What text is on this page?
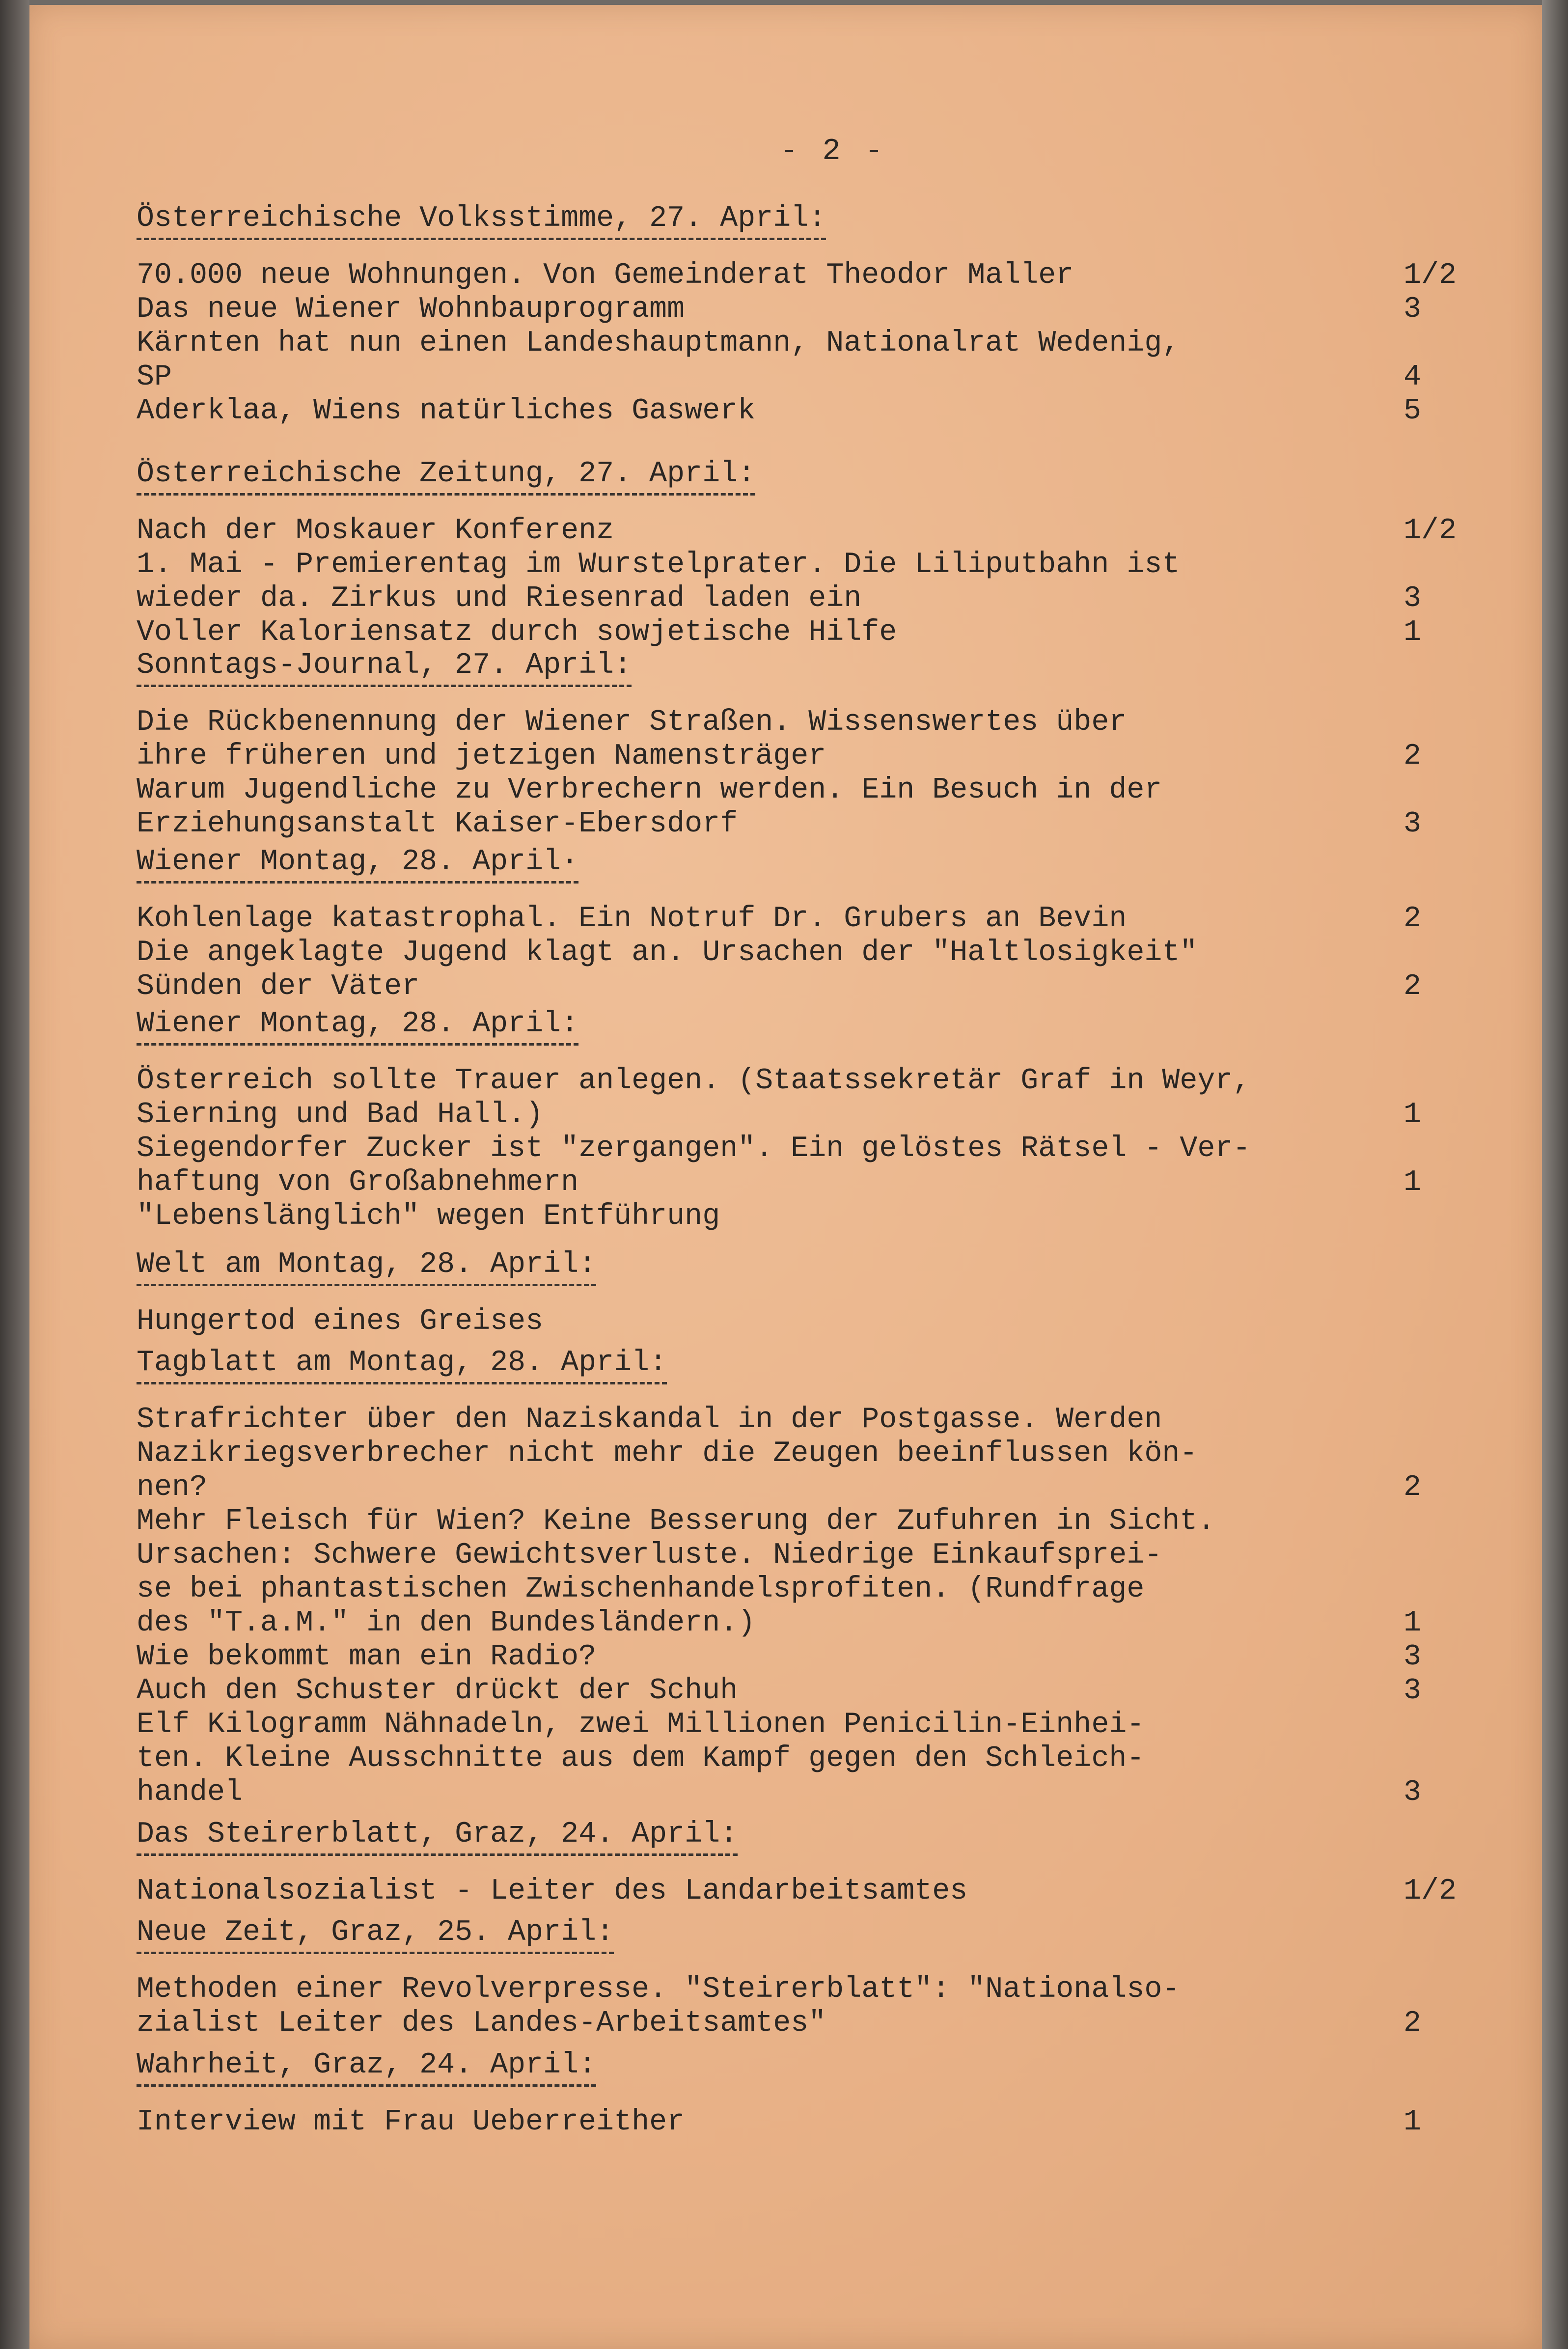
- 2 -
Österreichische Volksstimme, 27. April:
70.000 neue Wohnungen. Von Gemeinderat Theodor Maller	1/2
Das neue Wiener Wohnbauprogramm	3
Kärnten hat nun einen Landeshauptmann, Nationalrat Wedenig,
SP	4
Aderklaa, Wiens natürliches Gaswerk	5
Österreichische Zeitung, 27. April:
Nach der Moskauer Konferenz	1/2
1. Mai - Premierentag im Wurstelprater. Die Liliputbahn ist
wieder da. Zirkus und Riesenrad laden ein	3
Voller Kaloriensatz durch sowjetische Hilfe	1
Sonntags-Journal, 27. April:
Die Rückbenennung der Wiener Straßen. Wissenswertes über
ihre früheren und jetzigen Namensträger	2
Warum Jugendliche zu Verbrechern werden. Ein Besuch in der
Erziehungsanstalt Kaiser-Ebersdorf	3
Wiener Montag, 28. April·
Kohlenlage katastrophal. Ein Notruf Dr. Grubers an Bevin	2
Die angeklagte Jugend klagt an. Ursachen der "Haltlosigkeit"
Sünden der Väter	2
Wiener Montag, 28. April:
Österreich sollte Trauer anlegen. (Staatssekretär Graf in Weyr,
Sierning und Bad Hall.)	1
Siegendorfer Zucker ist "zergangen". Ein gelöstes Rätsel - Ver-
haftung von Großabnehmern	1
"Lebenslänglich" wegen Entführung
Welt am Montag, 28. April:
Hungertod eines Greises
Tagblatt am Montag, 28. April:
Strafrichter über den Naziskandal in der Postgasse. Werden
Nazikriegsverbrecher nicht mehr die Zeugen beeinflussen kön-
nen?	2
Mehr Fleisch für Wien? Keine Besserung der Zufuhren in Sicht.
Ursachen: Schwere Gewichtsverluste. Niedrige Einkaufsprei-
se bei phantastischen Zwischenhandelsprofiten. (Rundfrage
des "T.a.M." in den Bundesländern.)	1
Wie bekommt man ein Radio?	3
Auch den Schuster drückt der Schuh	3
Elf Kilogramm Nähnadeln, zwei Millionen Penicilin-Einhei-
ten. Kleine Ausschnitte aus dem Kampf gegen den Schleich-
handel	3
Das Steirerblatt, Graz, 24. April:
Nationalsozialist - Leiter des Landarbeitsamtes	1/2
Neue Zeit, Graz, 25. April:
Methoden einer Revolverpresse. "Steirerblatt": "Nationalso-
zialist Leiter des Landes-Arbeitsamtes"	2
Wahrheit, Graz, 24. April:
Interview mit Frau Ueberreither	1
